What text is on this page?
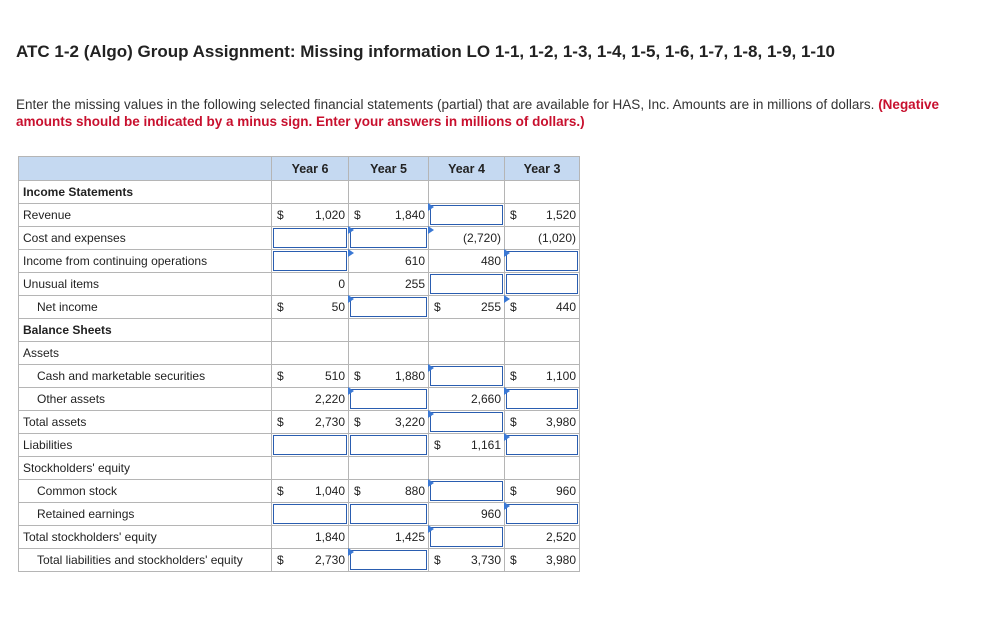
ATC 1-2 (Algo) Group Assignment: Missing information LO 1-1, 1-2, 1-3, 1-4, 1-5, 1-6, 1-7, 1-8, 1-9, 1-10
Enter the missing values in the following selected financial statements (partial) that are available for HAS, Inc. Amounts are in millions of dollars. (Negative amounts should be indicated by a minus sign. Enter your answers in millions of dollars.)
	Year 6	Year 5	Year 4	Year 3
Income Statements				
Revenue	$ 1,020	$ 1,840		$ 1,520

Cost and expenses			(2,720)	(1,020)

Income from continuing operations		610	480	

Unusual items	0	255		

Net income	$ 50		$ 255	$ 440

Balance Sheets				
Assets				
Cash and marketable securities	$ 510	$ 1,880		$ 1,100

Other assets	2,220		2,660	

Total assets	$ 2,730	$ 3,220		$ 3,980

Liabilities			$ 1,161	

Stockholders' equity				
Common stock	$ 1,040	$ 880		$ 960

Retained earnings			960	

Total stockholders' equity	1,840	1,425		2,520

Total liabilities and stockholders' equity	$ 2,730		$ 3,730	$ 3,980
